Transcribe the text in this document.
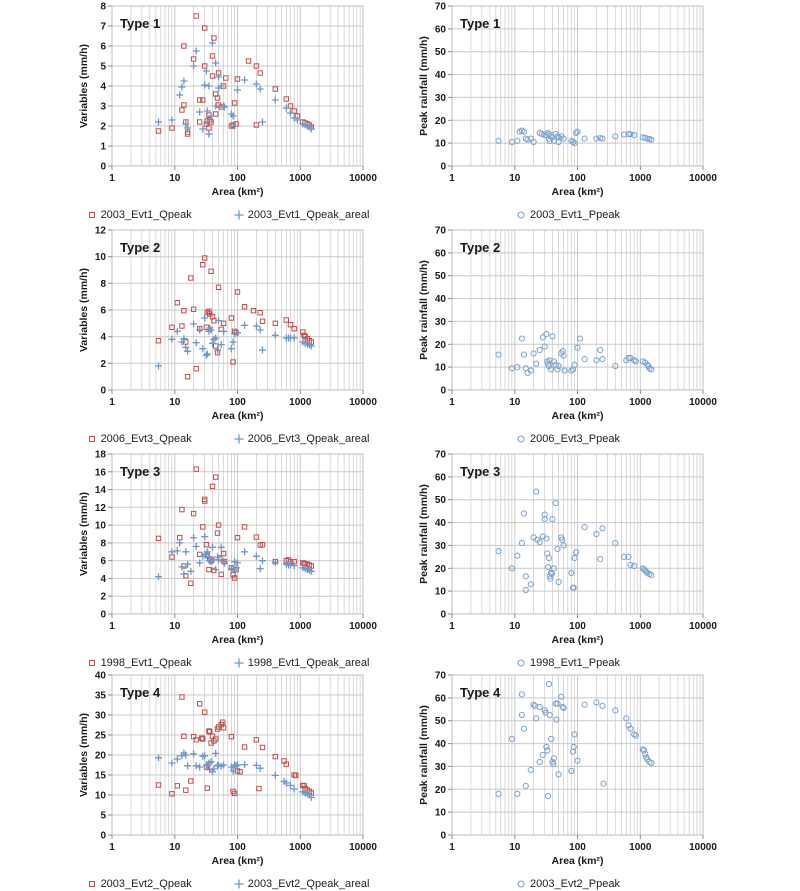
1	10	100	1000	10000
0
1
2
3
4
5
6
7
8
Type 1
Area (km²)
Variables (mm/h)
2003_Evt1_Qpeak	2003_Evt1_Qpeak_areal
1	10	100	1000	10000
0
10
20
30
40
50
60
70
Type 1
Area (km²)
Peak rainfall (mm/h)
2003_Evt1_Ppeak
1	10	100	1000	10000
0
2
4
6
8
10
12
Type 2
Area (km²)
Variables (mm/h)
2006_Evt3_Qpeak	2006_Evt3_Qpeak_areal
1	10	100	1000	10000
0
10
20
30
40
50
60
70
Type 2
Area (km²)
Peak rainfall (mm/h)
2006_Evt3_Ppeak
1	10	100	1000	10000
0
2
4
6
8
10
12
14
16
18
Type 3
Area (km²)
Variables (mm/h)
1998_Evt1_Qpeak	1998_Evt1_Qpeak_areal
1	10	100	1000	10000
0
10
20
30
40
50
60
70
Type 3
Area (km²)
Peak rainfall (mm/h)
1998_Evt1_Ppeak
1	10	100	1000	10000
0
5
10
15
20
25
30
35
40
Type 4
Area (km²)
Variables (mm/h)
2003_Evt2_Qpeak	2003_Evt2_Qpeak_areal
1	10	100	1000	10000
0
10
20
30
40
50
60
70
Type 4
Area (km²)
Peak rainfall (mm/h)
2003_Evt2_Ppeak
